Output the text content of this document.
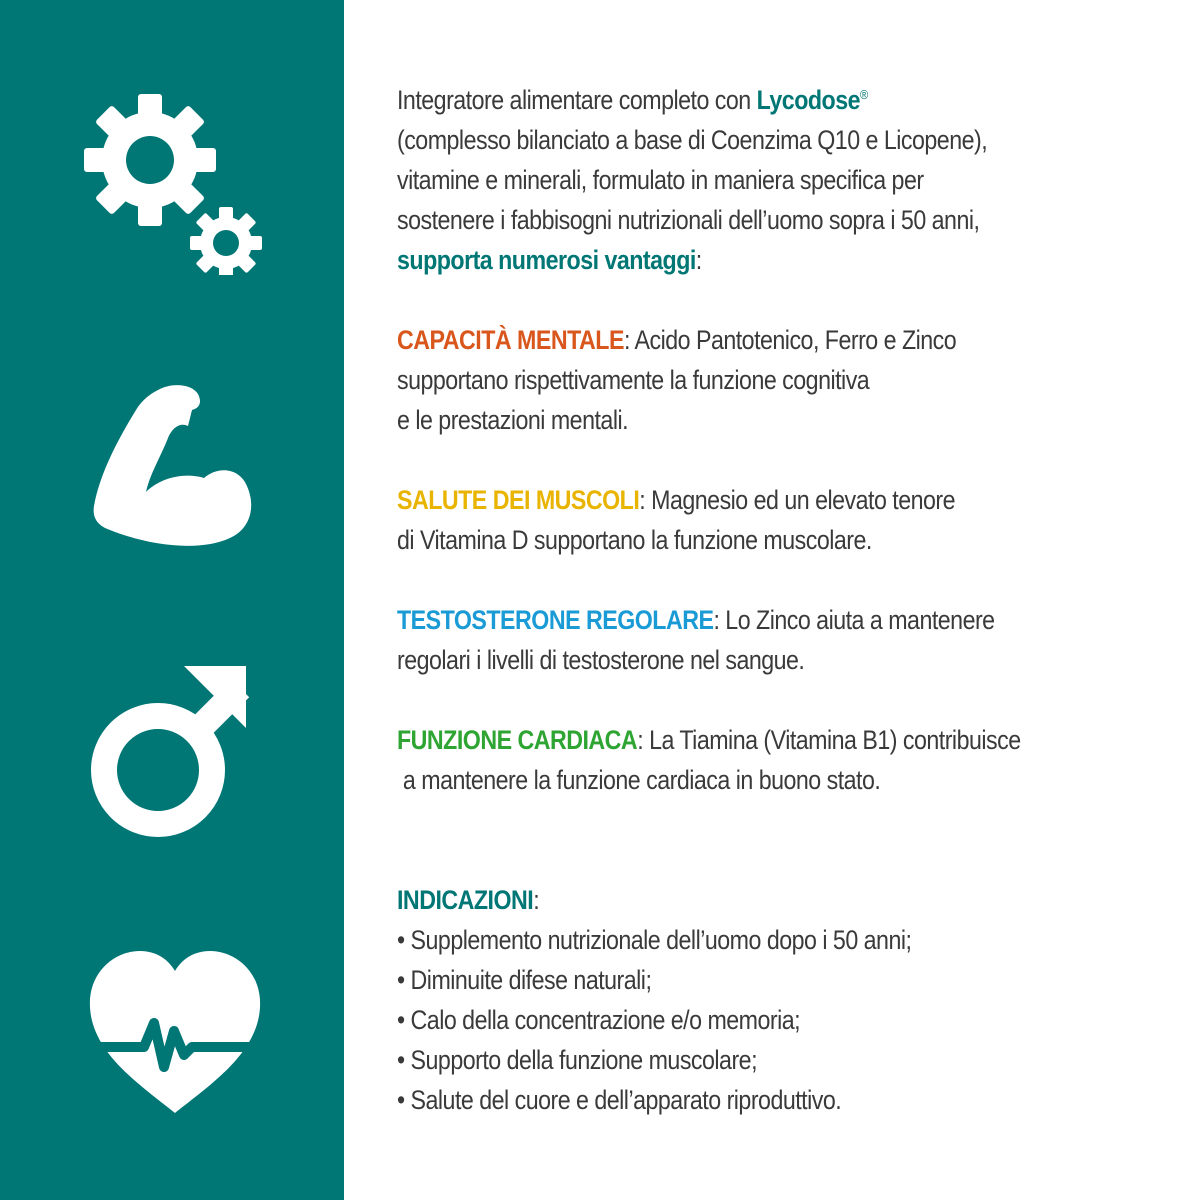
Integratore alimentare completo con Lycodose®

(complesso bilanciato a base di Coenzima Q10 e Licopene),

vitamine e minerali, formulato in maniera specifica per

sostenere i fabbisogni nutrizionali dell’uomo sopra i 50 anni,

supporta numerosi vantaggi:

CAPACITÀ MENTALE: Acido Pantotenico, Ferro e Zinco

supportano rispettivamente la funzione cognitiva

e le prestazioni mentali.

SALUTE DEI MUSCOLI: Magnesio ed un elevato tenore

di Vitamina D supportano la funzione muscolare.

TESTOSTERONE REGOLARE: Lo Zinco aiuta a mantenere

regolari i livelli di testosterone nel sangue.

FUNZIONE CARDIACA: La Tiamina (Vitamina B1) contribuisce

a mantenere la funzione cardiaca in buono stato.

INDICAZIONI:

• Supplemento nutrizionale dell’uomo dopo i 50 anni;
• Diminuite difese naturali;
• Calo della concentrazione e/o memoria;
• Supporto della funzione muscolare;
• Salute del cuore e dell’apparato riproduttivo.
